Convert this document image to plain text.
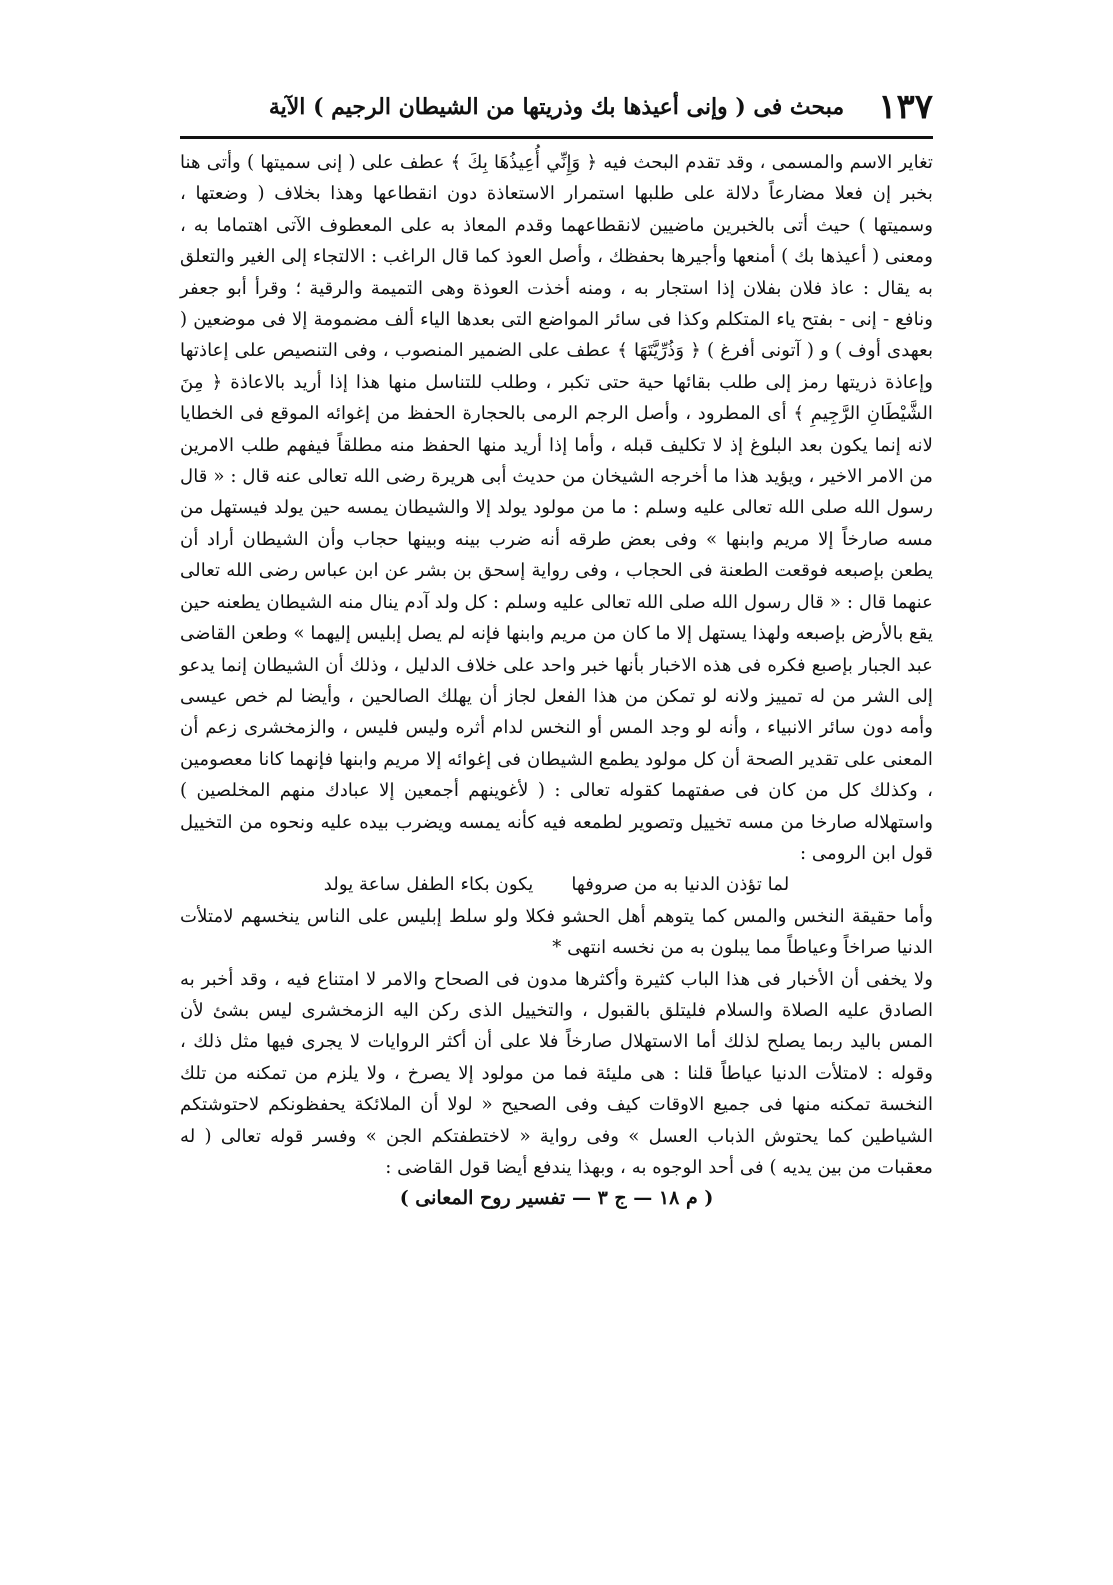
مبحث فى ( وإنى أعيذها بك وذريتها من الشيطان الرجيم ) الآية	١٣٧

تغاير الاسم والمسمى ، وقد تقدم البحث فيه ﴿ وَإِنِّي أُعِيذُهَا بِكَ ﴾ عطف على ( إنى سميتها ) وأتى هنا بخبر إن فعلا مضارعاً دلالة على طلبها استمرار الاستعاذة دون انقطاعها وهذا بخلاف ( وضعتها ، وسميتها ) حيث أتى بالخبرين ماضيين لانقطاعهما وقدم المعاذ به على المعطوف الآتى اهتماما به ، ومعنى ( أعيذها بك ) أمنعها وأجيرها بحفظك ، وأصل العوذ كما قال الراغب : الالتجاء إلى الغير والتعلق به يقال : عاذ فلان بفلان إذا استجار به ، ومنه أخذت العوذة وهى التميمة والرقية ؛ وقرأ أبو جعفر ونافع - إنى - بفتح ياء المتكلم وكذا فى سائر المواضع التى بعدها الياء ألف مضمومة إلا فى موضعين ( بعهدى أوف ) و ( آتونى أفرغ ) ﴿ وَذُرِّيَّتَهَا ﴾ عطف على الضمير المنصوب ، وفى التنصيص على إعاذتها وإعاذة ذريتها رمز إلى طلب بقائها حية حتى تكبر ، وطلب للتناسل منها هذا إذا أريد بالاعاذة ﴿ مِنَ الشَّيْطَانِ الرَّجِيمِ ﴾ أى المطرود ، وأصل الرجم الرمى بالحجارة الحفظ من إغوائه الموقع فى الخطايا لانه إنما يكون بعد البلوغ إذ لا تكليف قبله ، وأما إذا أريد منها الحفظ منه مطلقاً فيفهم طلب الامرين من الامر الاخير ، ويؤيد هذا ما أخرجه الشيخان من حديث أبى هريرة رضى الله تعالى عنه قال : « قال رسول الله صلى الله تعالى عليه وسلم : ما من مولود يولد إلا والشيطان يمسه حين يولد فيستهل من مسه صارخاً إلا مريم وابنها » وفى بعض طرقه أنه ضرب بينه وبينها حجاب وأن الشيطان أراد أن يطعن بإصبعه فوقعت الطعنة فى الحجاب ، وفى رواية إسحق بن بشر عن ابن عباس رضى الله تعالى عنهما قال : « قال رسول الله صلى الله تعالى عليه وسلم : كل ولد آدم ينال منه الشيطان يطعنه حين يقع بالأرض بإصبعه ولهذا يستهل إلا ما كان من مريم وابنها فإنه لم يصل إبليس إليهما » وطعن القاضى عبد الجبار بإصبع فكره فى هذه الاخبار بأنها خبر واحد على خلاف الدليل ، وذلك أن الشيطان إنما يدعو إلى الشر من له تمييز ولانه لو تمكن من هذا الفعل لجاز أن يهلك الصالحين ، وأيضا لم خص عيسى وأمه دون سائر الانبياء ، وأنه لو وجد المس أو النخس لدام أثره وليس فليس ، والزمخشرى زعم أن المعنى على تقدير الصحة أن كل مولود يطمع الشيطان فى إغوائه إلا مريم وابنها فإنهما كانا معصومين ، وكذلك كل من كان فى صفتهما كقوله تعالى : ( لأغوينهم أجمعين إلا عبادك منهم المخلصين ) واستهلاله صارخا من مسه تخييل وتصوير لطمعه فيه كأنه يمسه ويضرب بيده عليه ونحوه من التخييل قول ابن الرومى :

لما تؤذن الدنيا به من صروفها
يكون بكاء الطفل ساعة يولد

وأما حقيقة النخس والمس كما يتوهم أهل الحشو فكلا ولو سلط إبليس على الناس ينخسهم لامتلأت الدنيا صراخاً وعياطاً مما يبلون به من نخسه انتهى *

ولا يخفى أن الأخبار فى هذا الباب كثيرة وأكثرها مدون فى الصحاح والامر لا امتناع فيه ، وقد أخبر به الصادق عليه الصلاة والسلام فليتلق بالقبول ، والتخييل الذى ركن اليه الزمخشرى ليس بشئ لأن المس باليد ربما يصلح لذلك أما الاستهلال صارخاً فلا على أن أكثر الروايات لا يجرى فيها مثل ذلك ، وقوله : لامتلأت الدنيا عياطاً قلنا : هى مليئة فما من مولود إلا يصرخ ، ولا يلزم من تمكنه من تلك النخسة تمكنه منها فى جميع الاوقات كيف وفى الصحيح « لولا أن الملائكة يحفظونكم لاحتوشتكم الشياطين كما يحتوش الذباب العسل » وفى رواية « لاختطفتكم الجن » وفسر قوله تعالى ( له معقبات من بين يديه ) فى أحد الوجوه به ، وبهذا يندفع أيضا قول القاضى :

( م ١٨ — ج ٣ — تفسير روح المعانى )
